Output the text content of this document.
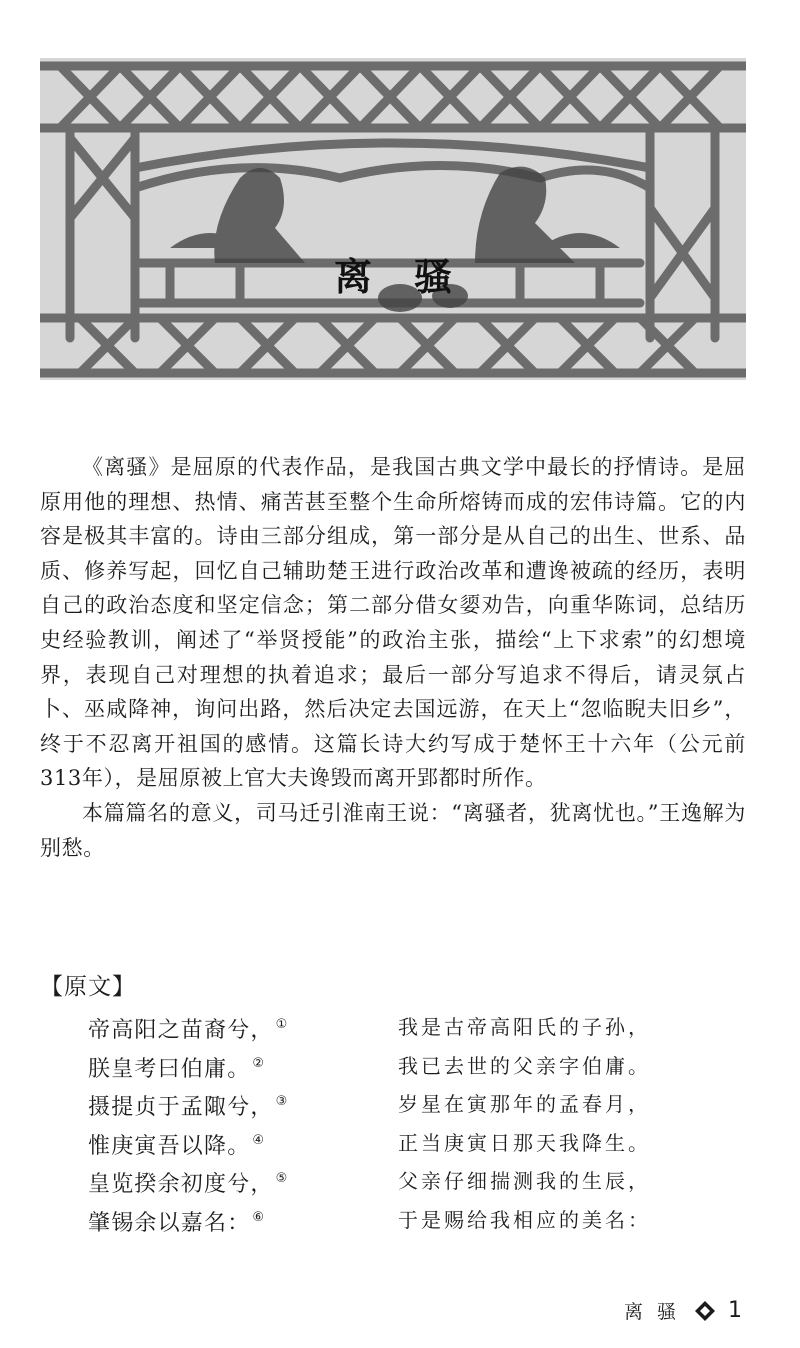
离骚

《离骚》是屈原的代表作品，是我国古典文学中最长的抒情诗。是屈原用他的理想、热情、痛苦甚至整个生命所熔铸而成的宏伟诗篇。它的内容是极其丰富的。诗由三部分组成，第一部分是从自己的出生、世系、品质、修养写起，回忆自己辅助楚王进行政治改革和遭谗被疏的经历，表明自己的政治态度和坚定信念；第二部分借女媭劝告，向重华陈词，总结历史经验教训，阐述了“举贤授能”的政治主张，描绘“上下求索”的幻想境界，表现自己对理想的执着追求；最后一部分写追求不得后，请灵氛占卜、巫咸降神，询问出路，然后决定去国远游，在天上“忽临睨夫旧乡”，终于不忍离开祖国的感情。这篇长诗大约写成于楚怀王十六年（公元前313年），是屈原被上官大夫谗毁而离开郢都时所作。

本篇篇名的意义，司马迁引淮南王说：“离骚者，犹离忧也。”王逸解为别愁。

【原文】
帝高阳之苗裔兮， ①	我是古帝高阳氏的子孙，
朕皇考曰伯庸。 ②	我已去世的父亲字伯庸。
摄提贞于孟陬兮， ③	岁星在寅那年的孟春月，
惟庚寅吾以降。 ④	正当庚寅日那天我降生。
皇览揆余初度兮， ⑤	父亲仔细揣测我的生辰，
肇锡余以嘉名： ⑥	于是赐给我相应的美名：
离骚 1
